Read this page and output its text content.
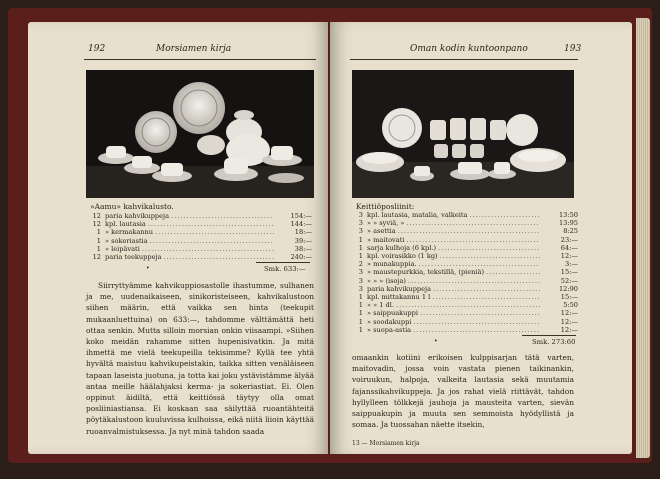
192	Morsiamen kirja
»Aamu» kahvikalusto.
12 paria kahvikuppeja .....	154:—
12 kpl. lautasia .....	144:—
1 » kermakannu .....	18:—
1 » sokeriastia .....	39:—
1 » leipävati .....	38:—
12 paria teekuppeja .....	240:—
•	Smk. 633:—
Siirryttyämme kahvikuppiosastolle ihastumme, sulhanen ja me, uudenaikaiseen, sinikoristeiseen, kahvikalustoon siihen määrin, että vaikka sen hinta (teekupit mukaanluettuina) on 633:—, tahdomme välttämättä heti ottaa senkin. Mutta silloin morsian onkin viisaampi. »Siihen koko meidän rahamme sitten hupenisivatkin. Ja mitä ihmettä me vielä teekupeilla tekisimme? Kyllä tee yhtä hyvältä maistuu kahvikupeistakin, taikka sitten venäläiseen tapaan laseista juotuna, ja totta kai joku ystävistämme älyää antaa meille häälahjaksi kerma- ja sokeriastiat. Ei. Olen oppinut äidiltä, että keittiössä täytyy olla omat posliiniastiansa. Ei koskaan saa säilyttää ruoantähteitä pöytäkalustoon kuuluvissa kulhoissa, eikä niitä liioin käyttää ruoanvalmistuksessa. Ja nyt minä tahdon saada
Oman kodin kuntoonpano	193
Keittiöposliinit:
3 kpl. lautasia, matalia, valkeita .....	13:50
3 » » syviä, » .....	13:95
3 » asettia .....	8:25
1 » maitovati .....	23:—
1 sarja kulhoja (6 kpl.) .....	64:—
1 kpl. voirasikko (1 kg) .....	12:—
2 » munakuppia. .....	3:—
3 » maustepurkkia, tekstillä, (pieniä) .....	15:—
3 » » » (isoja) .....	52:—
3 paria kahvikuppeja .....	12:90
1 kpl. mittakannu 1 l .....	15:—
1 » » 1 dl. .....	5:50
1 » saippuakuppi .....	12:—
1 » soodakuppi .....	12:—
1 » suopa-astia .....	12:—
•	Smk. 273:60
omaankin kotiini erikoisen kulppisarjan tätä varten, maitovadin, jossa voin vastata pienen taikinankin, voiruukun, halpoja, valkeita lautasia sekä muutamia fajanssikahvikuppeja. Ja jos rahat vielä riittävät, tahdon hyllylleen tölkkejä jauhoja ja mausteita varten, sievän saippuakupin ja muuta sen semmoista hyödyllistä ja somaa. Ja tuossahan näette itsekin,
13 — Morsiamen kirja
